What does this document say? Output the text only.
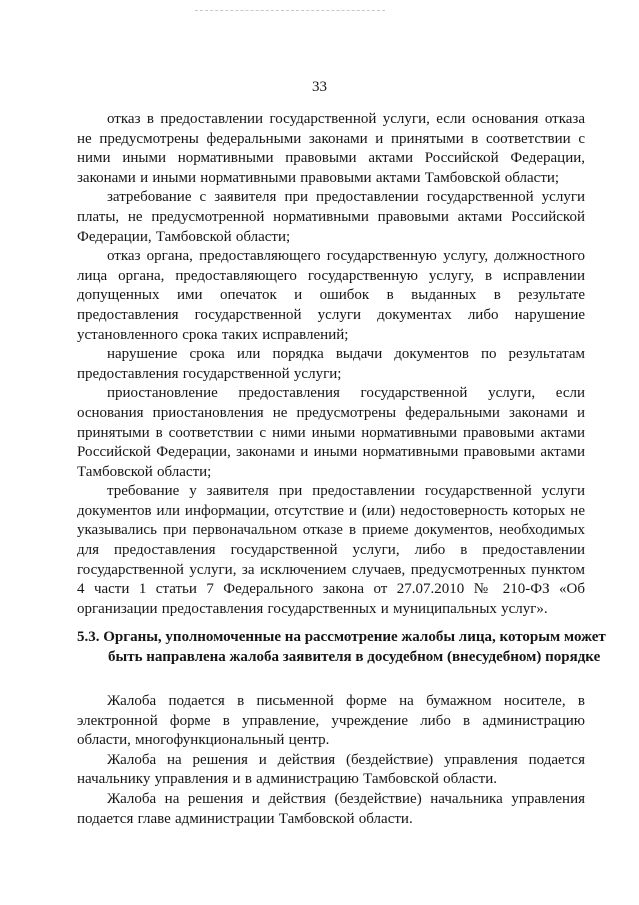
33

отказ в предоставлении государственной услуги, если основания отказа не предусмотрены федеральными законами и принятыми в соответствии с ними иными нормативными правовыми актами Российской Федерации, законами и иными нормативными правовыми актами Тамбовской области;

затребование с заявителя при предоставлении государственной услуги платы, не предусмотренной нормативными правовыми актами Российской Федерации, Тамбовской области;

отказ органа, предоставляющего государственную услугу, должностного лица органа, предоставляющего государственную услугу, в исправлении допущенных ими опечаток и ошибок в выданных в результате предоставления государственной услуги документах либо нарушение установленного срока таких исправлений;

нарушение срока или порядка выдачи документов по результатам предоставления государственной услуги;

приостановление предоставления государственной услуги, если основания приостановления не предусмотрены федеральными законами и принятыми в соответствии с ними иными нормативными правовыми актами Российской Федерации, законами и иными нормативными правовыми актами Тамбовской области;

требование у заявителя при предоставлении государственной услуги документов или информации, отсутствие и (или) недостоверность которых не указывались при первоначальном отказе в приеме документов, необходимых для предоставления государственной услуги, либо в предоставлении государственной услуги, за исключением случаев, предусмотренных пунктом 4 части 1 статьи 7 Федерального закона от 27.07.2010 № 210-ФЗ «Об организации предоставления государственных и муниципальных услуг».

5.3. Органы, уполномоченные на рассмотрение жалобы лица, которым может
быть направлена жалоба заявителя в досудебном (внесудебном) порядке

Жалоба подается в письменной форме на бумажном носителе, в электронной форме в управление, учреждение либо в администрацию области, многофункциональный центр.

Жалоба на решения и действия (бездействие) управления подается начальнику управления и в администрацию Тамбовской области.

Жалоба на решения и действия (бездействие) начальника управления подается главе администрации Тамбовской области.
